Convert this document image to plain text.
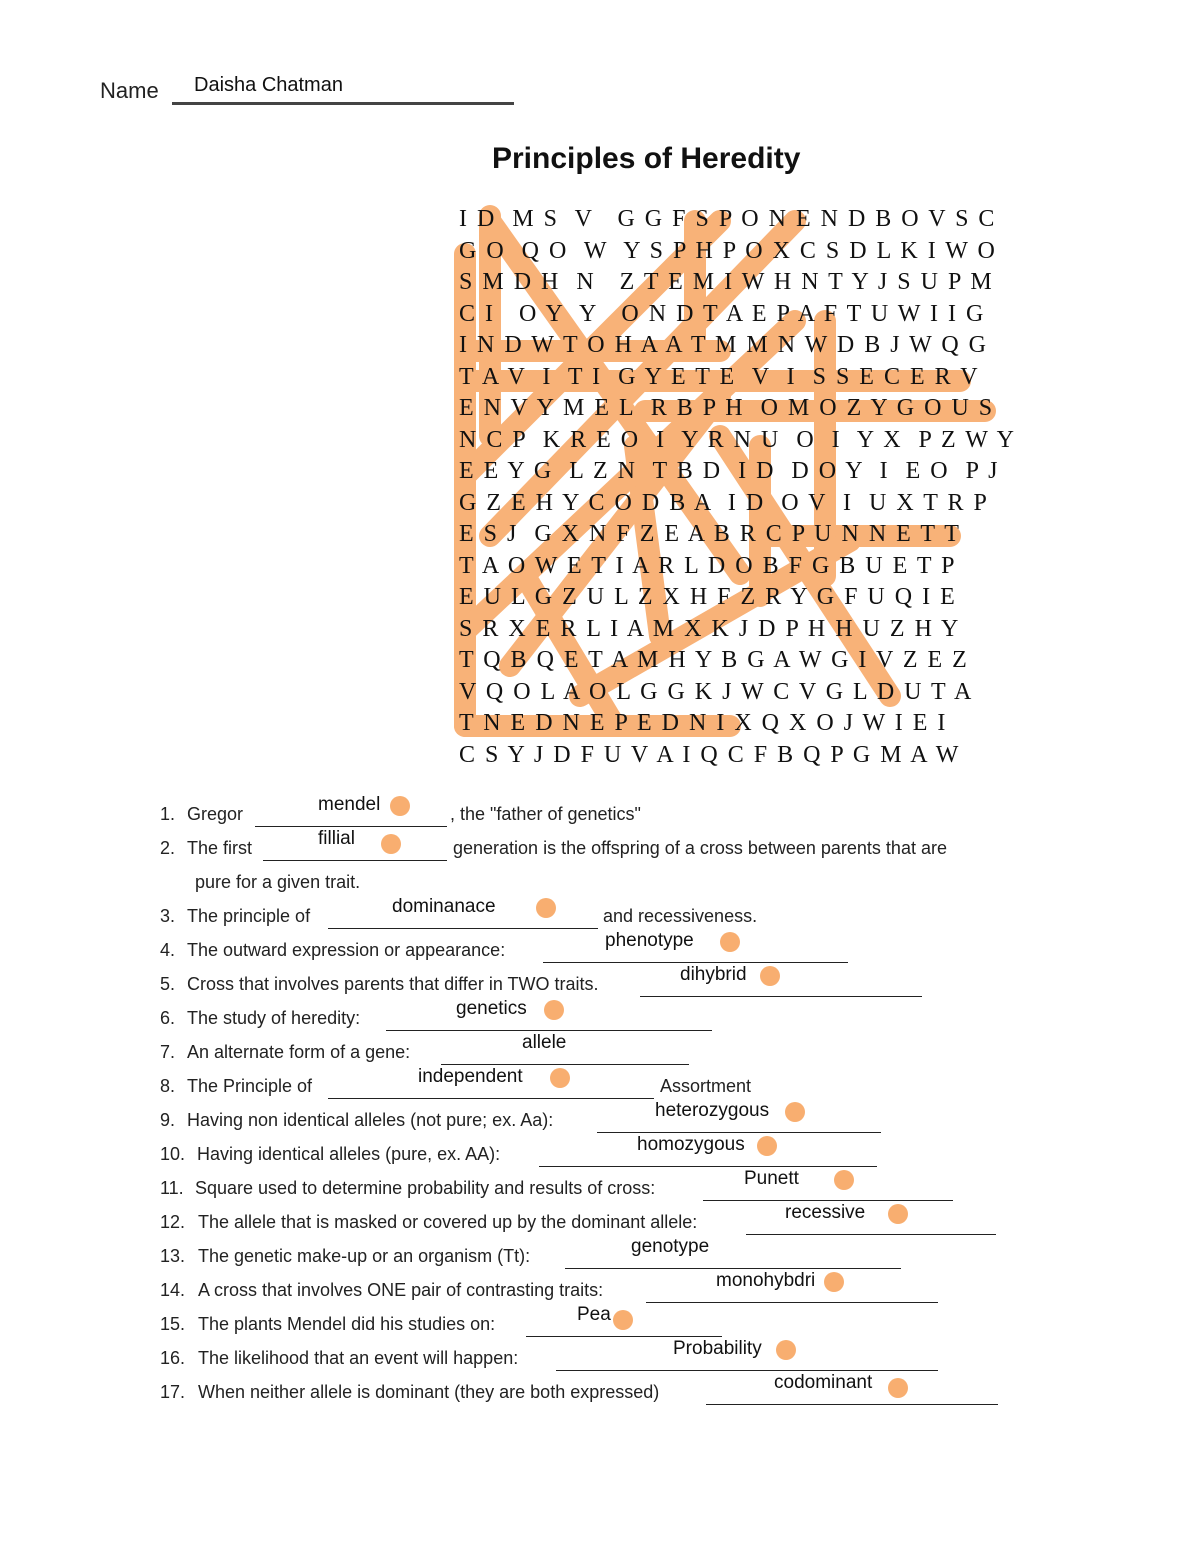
Name Daisha Chatman
Principles of Heredity
I D  M S  V   G G F S P O N E N D B O V S C
G O  Q O  W  Y S P H P O X C S D L K I W O
S M D H  N   Z T E M I W H N T Y J S U P M
C I   O Y  Y   O N D T A E P A F T U W I I G
I N D W T O H A A T M M N W D B J W Q G
T A V  I  T I  G Y E T E  V  I  S S E C E R V
E N V Y M E L  R B P H  O M O Z Y G O U S
N C P  K R E O  I  Y R N U  O  I  Y X  P Z W Y
E E Y G  L Z N  T B D  I D  D O Y  I  E O  P J
G Z E H Y C O D B A  I D  O V  I  U X T R P
E S J  G X N F Z E A B R C P U N N E T T
T A O W E T I A R L D O B F G B U E T P
E U L G Z U L Z X H F Z R Y G F U Q I E
S R X E R L I A M X K J D P H H U Z H Y
T Q B Q E T A M H Y B G A W G I V Z E Z
V Q O L A O L G G K J W C V G L D U T A
T N E D N E P E D N I X Q X O J W I E I
C S Y J D F U V A I Q C F B Q P G M A W
1. Gregor	mendel	, the "father of genetics"
2. The first	fillial	generation is the offspring of a cross between parents that are
pure for a given trait.
3. The principle of	dominanace	and recessiveness.
4. The outward expression or appearance:	phenotype
5. Cross that involves parents that differ in TWO traits.	dihybrid
6. The study of heredity:	genetics
7. An alternate form of a gene:	allele
8. The Principle of	independent	Assortment
9. Having non identical alleles (not pure; ex. Aa):	heterozygous
10. Having identical alleles (pure, ex. AA):	homozygous
11. Square used to determine probability and results of cross:	Punett
12. The allele that is masked or covered up by the dominant allele:	recessive
13. The genetic make-up or an organism (Tt):	genotype
14. A cross that involves ONE pair of contrasting traits:	monohybdri
15. The plants Mendel did his studies on:	Pea
16. The likelihood that an event will happen:	Probability
17. When neither allele is dominant (they are both expressed)	codominant
